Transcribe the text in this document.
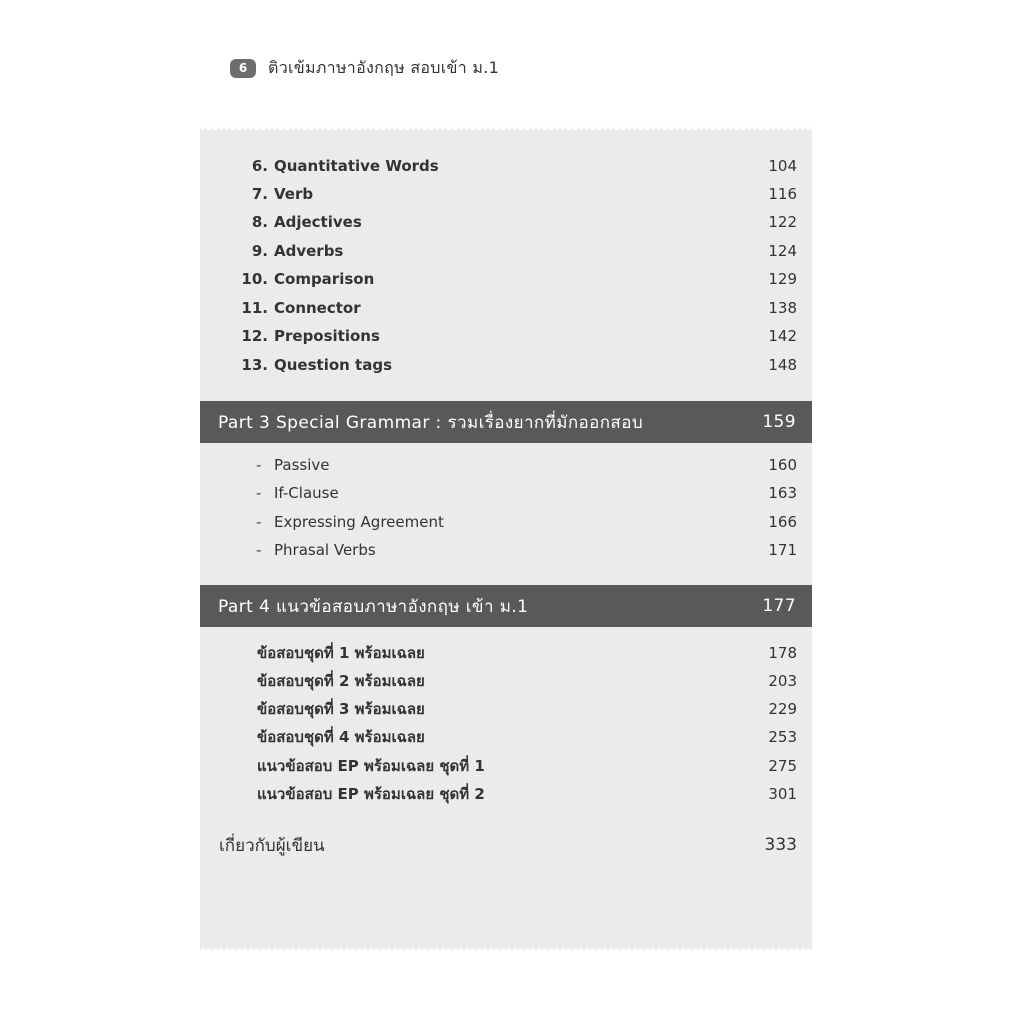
6	ติวเข้มภาษาอังกฤษ สอบเข้า ม.1
6. Quantitative Words	104
7. Verb	116
8. Adjectives	122
9. Adverbs	124
10. Comparison	129
11. Connector	138
12. Prepositions	142
13. Question tags	148
Part 3 Special Grammar : รวมเรื่องยากที่มักออกสอบ	159
- Passive	160
- If-Clause	163
- Expressing Agreement	166
- Phrasal Verbs	171
Part 4 แนวข้อสอบภาษาอังกฤษ เข้า ม.1	177
ข้อสอบชุดที่ 1 พร้อมเฉลย	178
ข้อสอบชุดที่ 2 พร้อมเฉลย	203
ข้อสอบชุดที่ 3 พร้อมเฉลย	229
ข้อสอบชุดที่ 4 พร้อมเฉลย	253
แนวข้อสอบ EP พร้อมเฉลย ชุดที่ 1	275
แนวข้อสอบ EP พร้อมเฉลย ชุดที่ 2	301
เกี่ยวกับผู้เขียน	333
